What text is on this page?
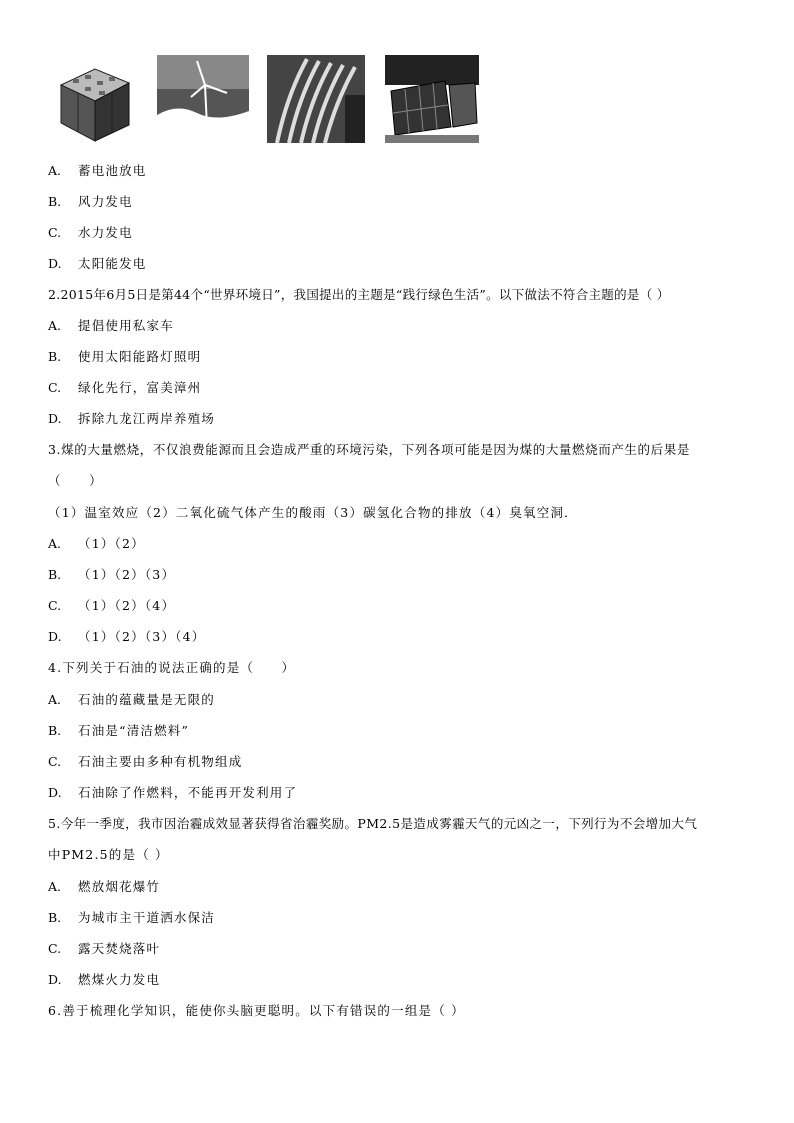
A. 蓄电池放电
B. 风力发电
C. 水力发电
D. 太阳能发电
2.2015年6月5日是第44个“世界环境日”，我国提出的主题是“践行绿色生活”。以下做法不符合主题的是（ ）
A. 提倡使用私家车
B. 使用太阳能路灯照明
C. 绿化先行，富美漳州
D. 拆除九龙江两岸养殖场
3.煤的大量燃烧，不仅浪费能源而且会造成严重的环境污染，下列各项可能是因为煤的大量燃烧而产生的后果是
（　　）
（1）温室效应（2）二氧化硫气体产生的酸雨（3）碳氢化合物的排放（4）臭氧空洞．
A. （1）（2）
B. （1）（2）（3）
C. （1）（2）（4）
D. （1）（2）（3）（4）
4.下列关于石油的说法正确的是（　　）
A. 石油的蕴藏量是无限的
B. 石油是“清洁燃料”
C. 石油主要由多种有机物组成
D. 石油除了作燃料，不能再开发利用了
5.今年一季度，我市因治霾成效显著获得省治霾奖励。PM2.5是造成雾霾天气的元凶之一，下列行为不会增加大气
中PM2.5的是（ ）
A. 燃放烟花爆竹
B. 为城市主干道洒水保洁
C. 露天焚烧落叶
D. 燃煤火力发电
6.善于梳理化学知识，能使你头脑更聪明。以下有错误的一组是（ ）
